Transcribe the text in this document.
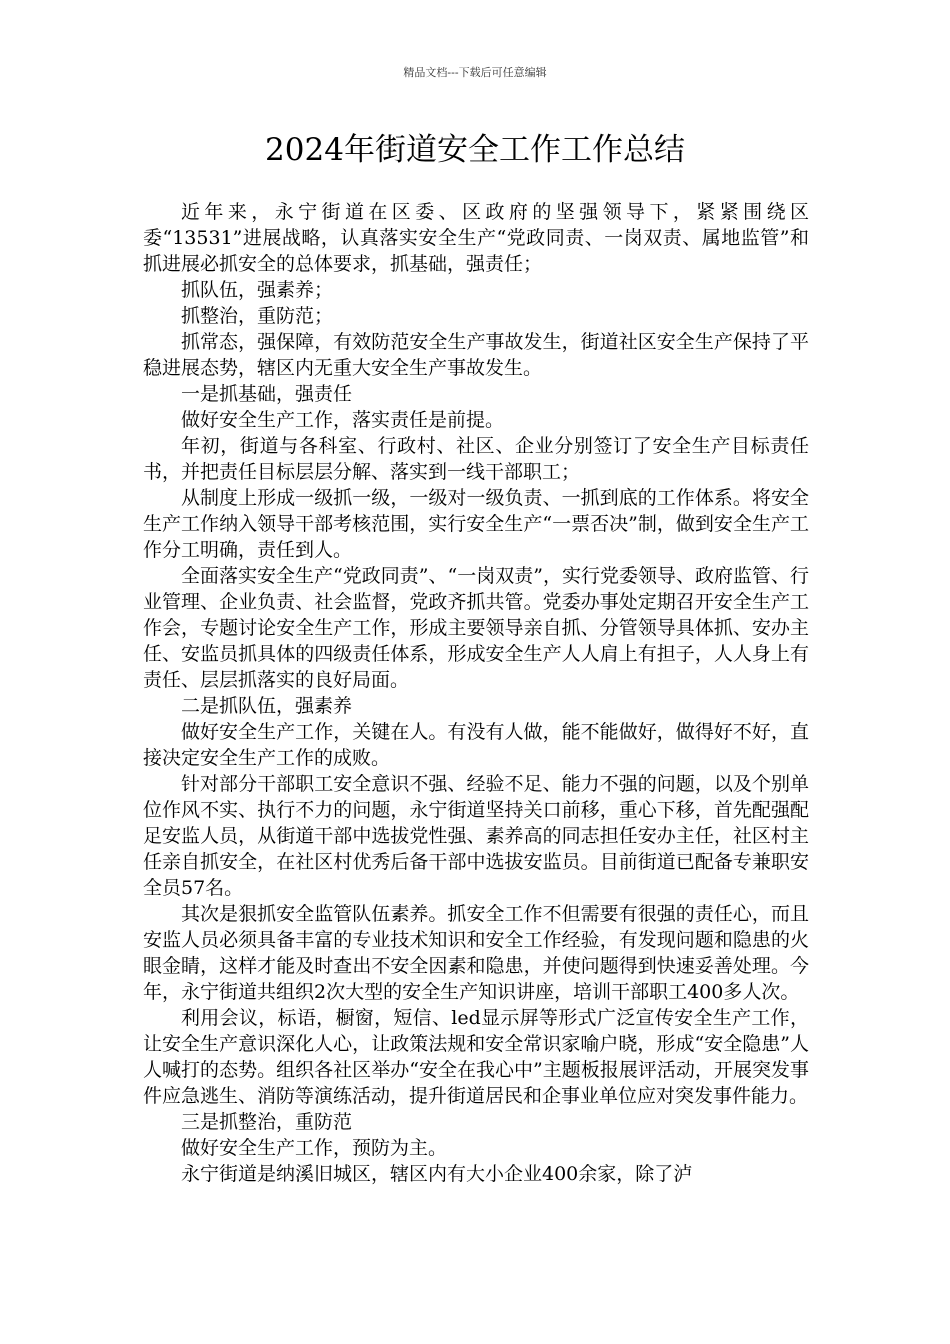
精品文档---下载后可任意编辑
2024年街道安全工作工作总结

近年来，永宁街道在区委、区政府的坚强领导下，紧紧围绕区委“13531”进展战略，认真落实安全生产“党政同责、一岗双责、属地监管”和抓进展必抓安全的总体要求，抓基础，强责任；

抓队伍，强素养；

抓整治，重防范；

抓常态，强保障，有效防范安全生产事故发生，街道社区安全生产保持了平稳进展态势，辖区内无重大安全生产事故发生。

一是抓基础，强责任

做好安全生产工作，落实责任是前提。

年初，街道与各科室、行政村、社区、企业分别签订了安全生产目标责任书，并把责任目标层层分解、落实到一线干部职工；

从制度上形成一级抓一级，一级对一级负责、一抓到底的工作体系。将安全生产工作纳入领导干部考核范围，实行安全生产“一票否决”制，做到安全生产工作分工明确，责任到人。

全面落实安全生产“党政同责”、“一岗双责”，实行党委领导、政府监管、行业管理、企业负责、社会监督，党政齐抓共管。党委办事处定期召开安全生产工作会，专题讨论安全生产工作，形成主要领导亲自抓、分管领导具体抓、安办主任、安监员抓具体的四级责任体系，形成安全生产人人肩上有担子，人人身上有责任、层层抓落实的良好局面。

二是抓队伍，强素养

做好安全生产工作，关键在人。有没有人做，能不能做好，做得好不好，直接决定安全生产工作的成败。

针对部分干部职工安全意识不强、经验不足、能力不强的问题，以及个别单位作风不实、执行不力的问题，永宁街道坚持关口前移，重心下移，首先配强配足安监人员，从街道干部中选拔党性强、素养高的同志担任安办主任，社区村主任亲自抓安全，在社区村优秀后备干部中选拔安监员。目前街道已配备专兼职安全员57名。

其次是狠抓安全监管队伍素养。抓安全工作不但需要有很强的责任心，而且安监人员必须具备丰富的专业技术知识和安全工作经验，有发现问题和隐患的火眼金睛，这样才能及时查出不安全因素和隐患，并使问题得到快速妥善处理。今年，永宁街道共组织2次大型的安全生产知识讲座，培训干部职工400多人次。

利用会议，标语，橱窗，短信、led显示屏等形式广泛宣传安全生产工作，让安全生产意识深化人心，让政策法规和安全常识家喻户晓，形成“安全隐患”人人喊打的态势。组织各社区举办“安全在我心中”主题板报展评活动，开展突发事件应急逃生、消防等演练活动，提升街道居民和企事业单位应对突发事件能力。

三是抓整治，重防范

做好安全生产工作，预防为主。

永宁街道是纳溪旧城区，辖区内有大小企业400余家，除了泸
